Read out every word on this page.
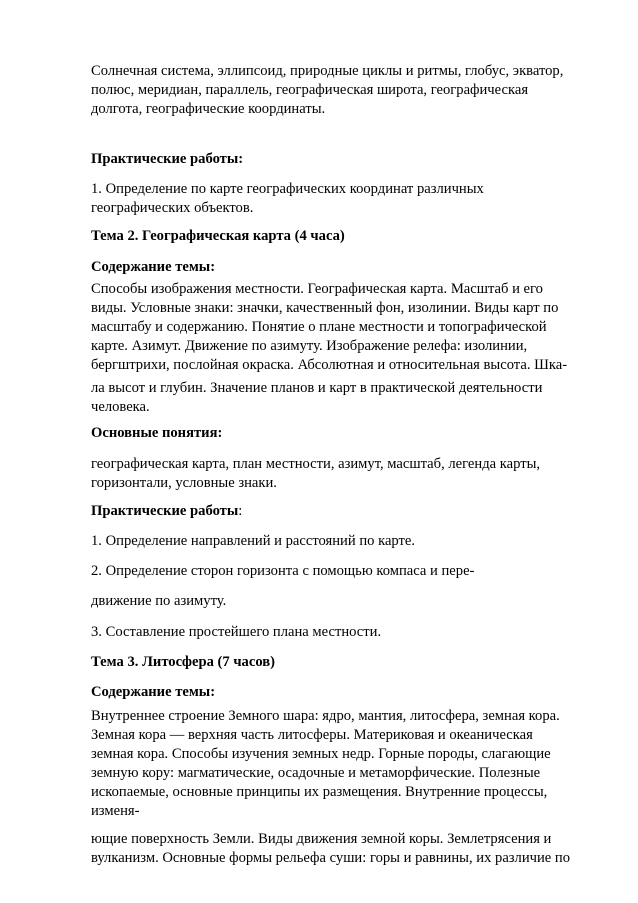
Солнечная система, эллипсоид, природные циклы и ритмы, глобус, экватор,
полюс, меридиан, параллель, географическая широта, географическая
долгота, географические координаты.

Практические работы:

1. Определение по карте географических координат различных
географических объектов.

Тема 2. Географическая карта (4 часа)

Содержание темы:

Способы изображения местности. Географическая карта. Масштаб и его
виды. Условные знаки: значки, качественный фон, изолинии. Виды карт по
масштабу и содержанию. Понятие о плане местности и топографической
карте. Азимут. Движение по азимуту. Изображение релефа: изолинии,
бергштрихи, послойная окраска. Абсолютная и относительная высота. Шка-

ла высот и глубин. Значение планов и карт в практической деятельности
человека.

Основные понятия:

географическая карта, план местности, азимут, масштаб, легенда карты,
горизонтали, условные знаки.

Практические работы:

1. Определение направлений и расстояний по карте.

2. Определение сторон горизонта с помощью компаса и пере-

движение по азимуту.

3. Составление простейшего плана местности.

Тема 3. Литосфера (7 часов)

Содержание темы:

Внутреннее строение Земного шара: ядро, мантия, литосфера, земная кора.
Земная кора — верхняя часть литосферы. Материковая и океаническая
земная кора. Способы изучения земных недр. Горные породы, слагающие
земную кору: магматические, осадочные и метаморфические. Полезные
ископаемые, основные принципы их размещения. Внутренние процессы,
изменя-

ющие поверхность Земли. Виды движения земной коры. Землетрясения и
вулканизм. Основные формы рельефа суши: горы и равнины, их различие по
